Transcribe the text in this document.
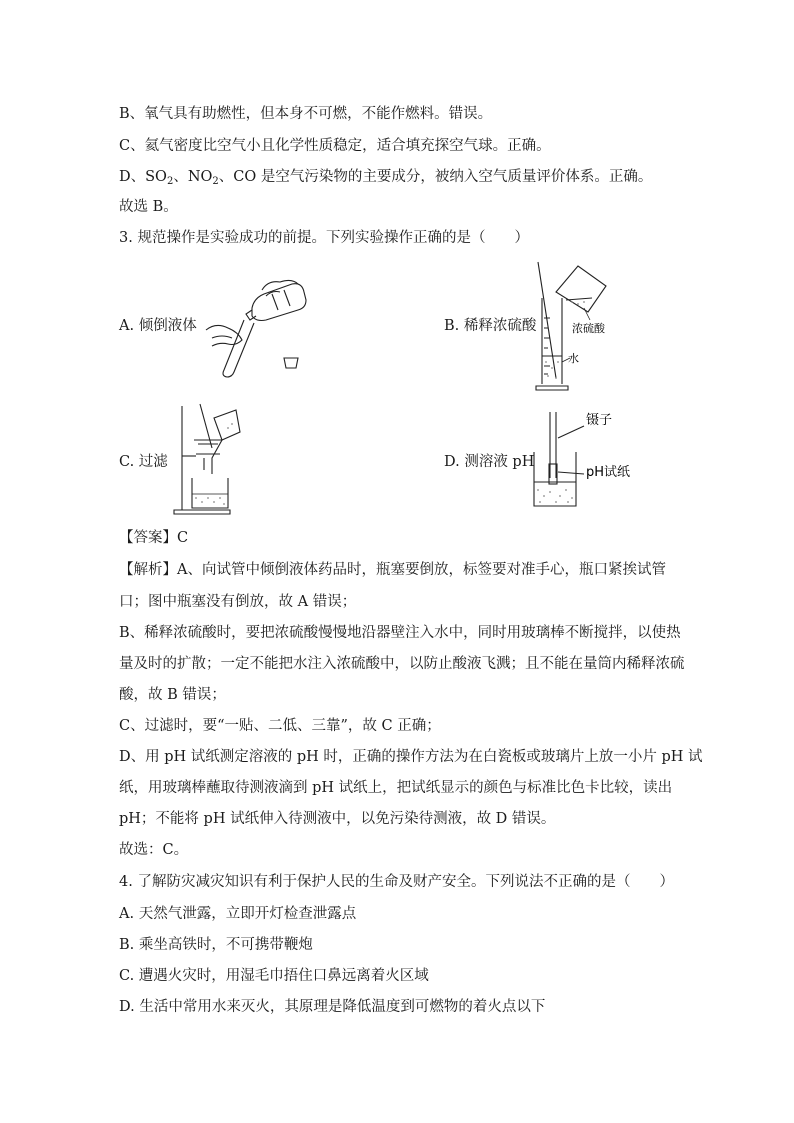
B、氧气具有助燃性，但本身不可燃，不能作燃料。错误。
C、氦气密度比空气小且化学性质稳定，适合填充探空气球。正确。
D、$SO_2$、$NO_2$、CO 是空气污染物的主要成分，被纳入空气质量评价体系。正确。
故选 B。
3. 规范操作是实验成功的前提。下列实验操作正确的是（　　）
A. 倾倒液体	B. 稀释浓硫酸
C. 过滤	D. 测溶液 pH
浓硫酸
水
镊子
pH试纸
【答案】C
【解析】A、向试管中倾倒液体药品时，瓶塞要倒放，标签要对准手心，瓶口紧挨试管
口；图中瓶塞没有倒放，故 A 错误；
B、稀释浓硫酸时，要把浓硫酸慢慢地沿器壁注入水中，同时用玻璃棒不断搅拌，以使热
量及时的扩散；一定不能把水注入浓硫酸中，以防止酸液飞溅；且不能在量筒内稀释浓硫
酸，故 B 错误；
C、过滤时，要“一贴、二低、三靠”，故 C 正确；
D、用 pH 试纸测定溶液的 pH 时，正确的操作方法为在白瓷板或玻璃片上放一小片 pH 试
纸，用玻璃棒蘸取待测液滴到 pH 试纸上，把试纸显示的颜色与标准比色卡比较，读出
pH；不能将 pH 试纸伸入待测液中，以免污染待测液，故 D 错误。
故选：C。
4. 了解防灾减灾知识有利于保护人民的生命及财产安全。下列说法不正确的是（　　）
A. 天然气泄露，立即开灯检查泄露点
B. 乘坐高铁时，不可携带鞭炮
C. 遭遇火灾时，用湿毛巾捂住口鼻远离着火区域
D. 生活中常用水来灭火，其原理是降低温度到可燃物的着火点以下
